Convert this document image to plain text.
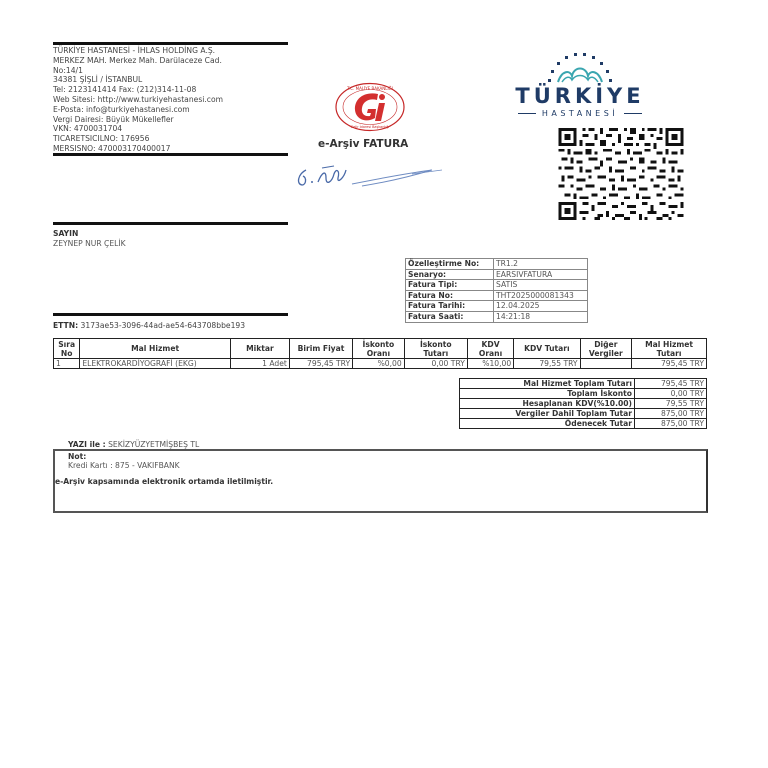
TÜRKİYE HASTANESİ - İHLAS HOLDİNG A.Ş.
MERKEZ MAH. Merkez Mah. Darülaceze Cad.
No:14/1
34381 ŞİŞLİ / İSTANBUL
Tel: 2123141414 Fax: (212)314-11-08
Web Sitesi: http://www.turkiyehastanesi.com
E-Posta: info@turkiyehastanesi.com
Vergi Dairesi: Büyük Mükellefler
VKN: 4700031704
TICARETSICILNO: 176956
MERSISNO: 470003170400017
T.C. MALİYE BAKANLIĞI
Gelir İdaresi Başkanlığı
e-Arşiv FATURA
TÜRKİYE
HASTANESİ
SAYIN
ZEYNEP NUR ÇELİK
Özelleştirme No:	TR1.2
Senaryo:	EARSIVFATURA
Fatura Tipi:	SATIS
Fatura No:	THT2025000081343
Fatura Tarihi:	12.04.2025
Fatura Saati:	14:21:18
ETTN: 3173ae53-3096-44ad-ae54-643708bbe193
Sıra No	Mal Hizmet	Miktar	Birim Fiyat	İskonto Oranı	İskonto Tutarı	KDV Oranı	KDV Tutarı	Diğer Vergiler	Mal Hizmet Tutarı
1	ELEKTROKARDİYOGRAFİ (EKG)	1 Adet	795,45 TRY	%0,00	0,00 TRY	%10,00	79,55 TRY		795,45 TRY
Mal Hizmet Toplam Tutarı	795,45 TRY
Toplam İskonto	0,00 TRY
Hesaplanan KDV(%10.00)	79,55 TRY
Vergiler Dahil Toplam Tutar	875,00 TRY
Ödenecek Tutar	875,00 TRY
YAZI ile : SEKİZYÜZYETMİŞBEŞ TL
Not:
Kredi Kartı : 875 - VAKIFBANK
e-Arşiv kapsamında elektronik ortamda iletilmiştir.
